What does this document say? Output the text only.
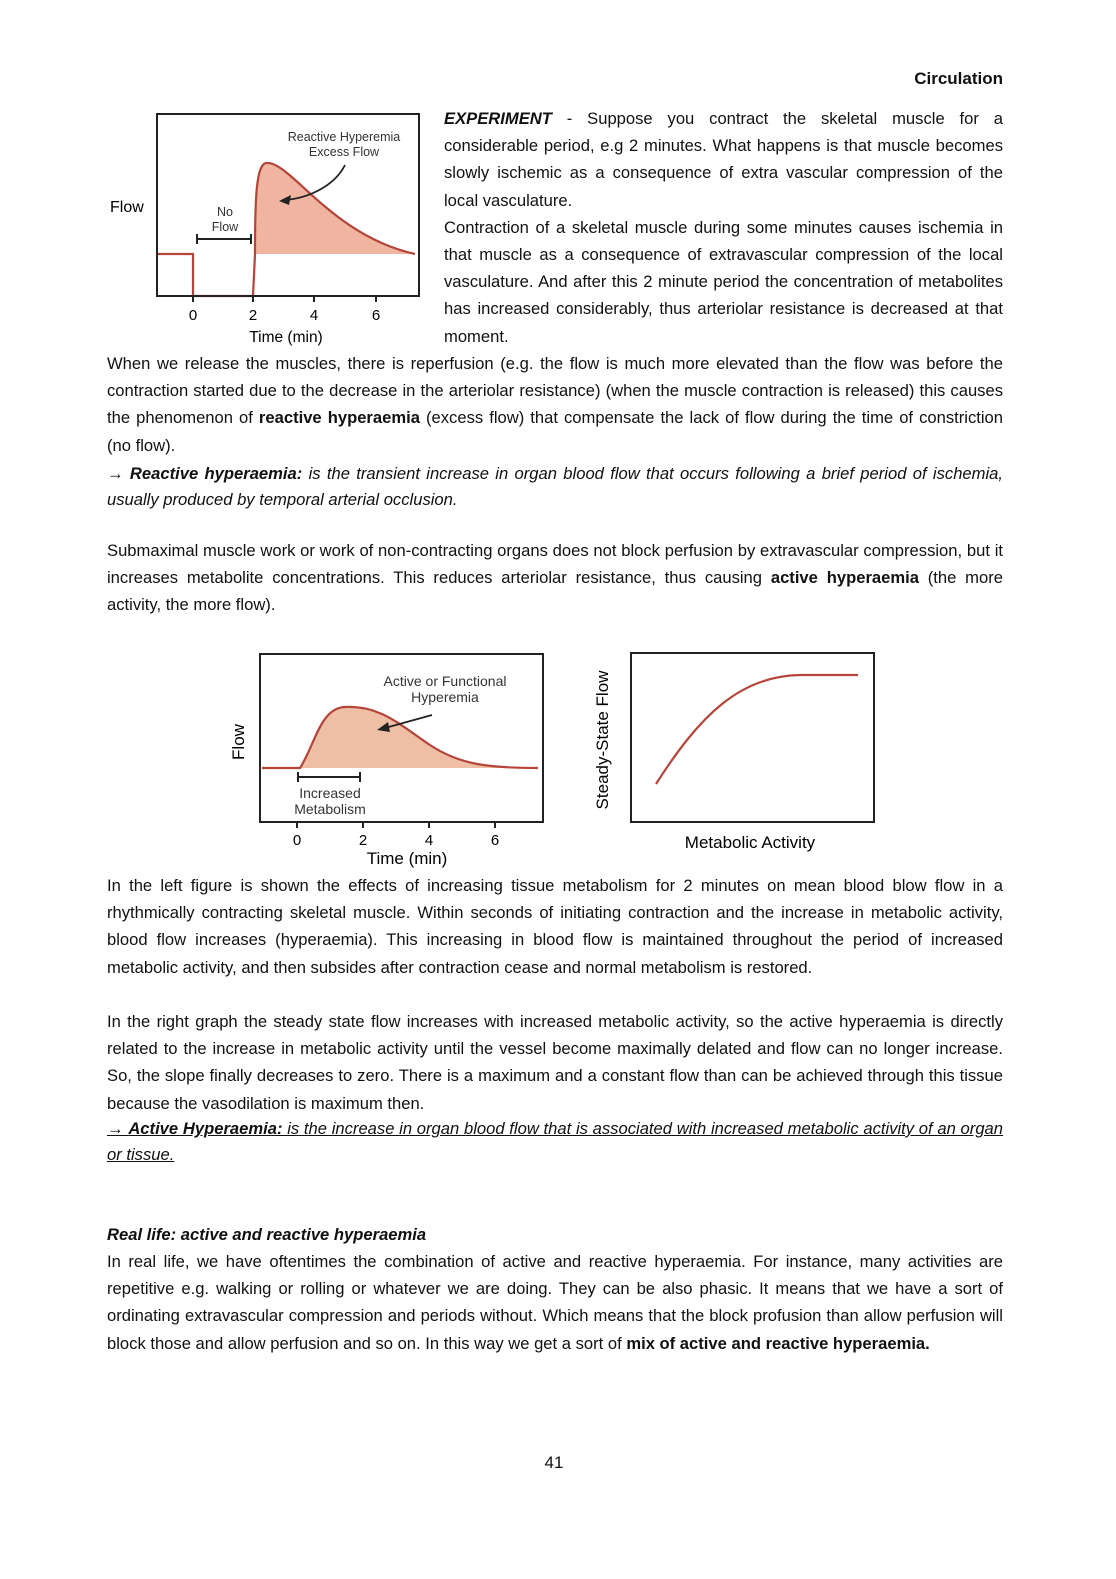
Circulation
Flow
Reactive Hyperemia
Excess Flow
No
Flow
0	2	4	6
Time (min)

EXPERIMENT - Suppose you contract the skeletal muscle for a considerable period, e.g 2 minutes. What happens is that muscle becomes slowly ischemic as a consequence of extra vascular compression of the local vasculature.
Contraction of a skeletal muscle during some minutes causes ischemia in that muscle as a consequence of extravascular compression of the local vasculature. And after this 2 minute period the concentration of metabolites has increased considerably, thus arteriolar resistance is decreased at that moment.

When we release the muscles, there is reperfusion (e.g. the flow is much more elevated than the flow was before the contraction started due to the decrease in the arteriolar resistance) (when the muscle contraction is released) this causes the phenomenon of reactive hyperaemia (excess flow) that compensate the lack of flow during the time of constriction (no flow).

→ Reactive hyperaemia: is the transient increase in organ blood flow that occurs following a brief period of ischemia, usually produced by temporal arterial occlusion.

Submaximal muscle work or work of non-contracting organs does not block perfusion by extravascular compression, but it increases metabolite concentrations. This reduces arteriolar resistance, thus causing active hyperaemia (the more activity, the more flow).

Active or Functional
Hyperemia
Increased
Metabolism
Flow
0	2	4	6
Time (min)
Steady-State Flow
Metabolic Activity

In the left figure is shown the effects of increasing tissue metabolism for 2 minutes on mean blood blow flow in a rhythmically contracting skeletal muscle. Within seconds of initiating contraction and the increase in metabolic activity, blood flow increases (hyperaemia). This increasing in blood flow is maintained throughout the period of increased metabolic activity, and then subsides after contraction cease and normal metabolism is restored.

In the right graph the steady state flow increases with increased metabolic activity, so the active hyperaemia is directly related to the increase in metabolic activity until the vessel become maximally delated and flow can no longer increase. So, the slope finally decreases to zero. There is a maximum and a constant flow than can be achieved through this tissue because the vasodilation is maximum then.

→ Active Hyperaemia: is the increase in organ blood flow that is associated with increased metabolic activity of an organ or tissue.

Real life: active and reactive hyperaemia

In real life, we have oftentimes the combination of active and reactive hyperaemia. For instance, many activities are repetitive e.g. walking or rolling or whatever we are doing. They can be also phasic. It means that we have a sort of ordinating extravascular compression and periods without. Which means that the block profusion than allow perfusion will block those and allow perfusion and so on. In this way we get a sort of mix of active and reactive hyperaemia.

41
